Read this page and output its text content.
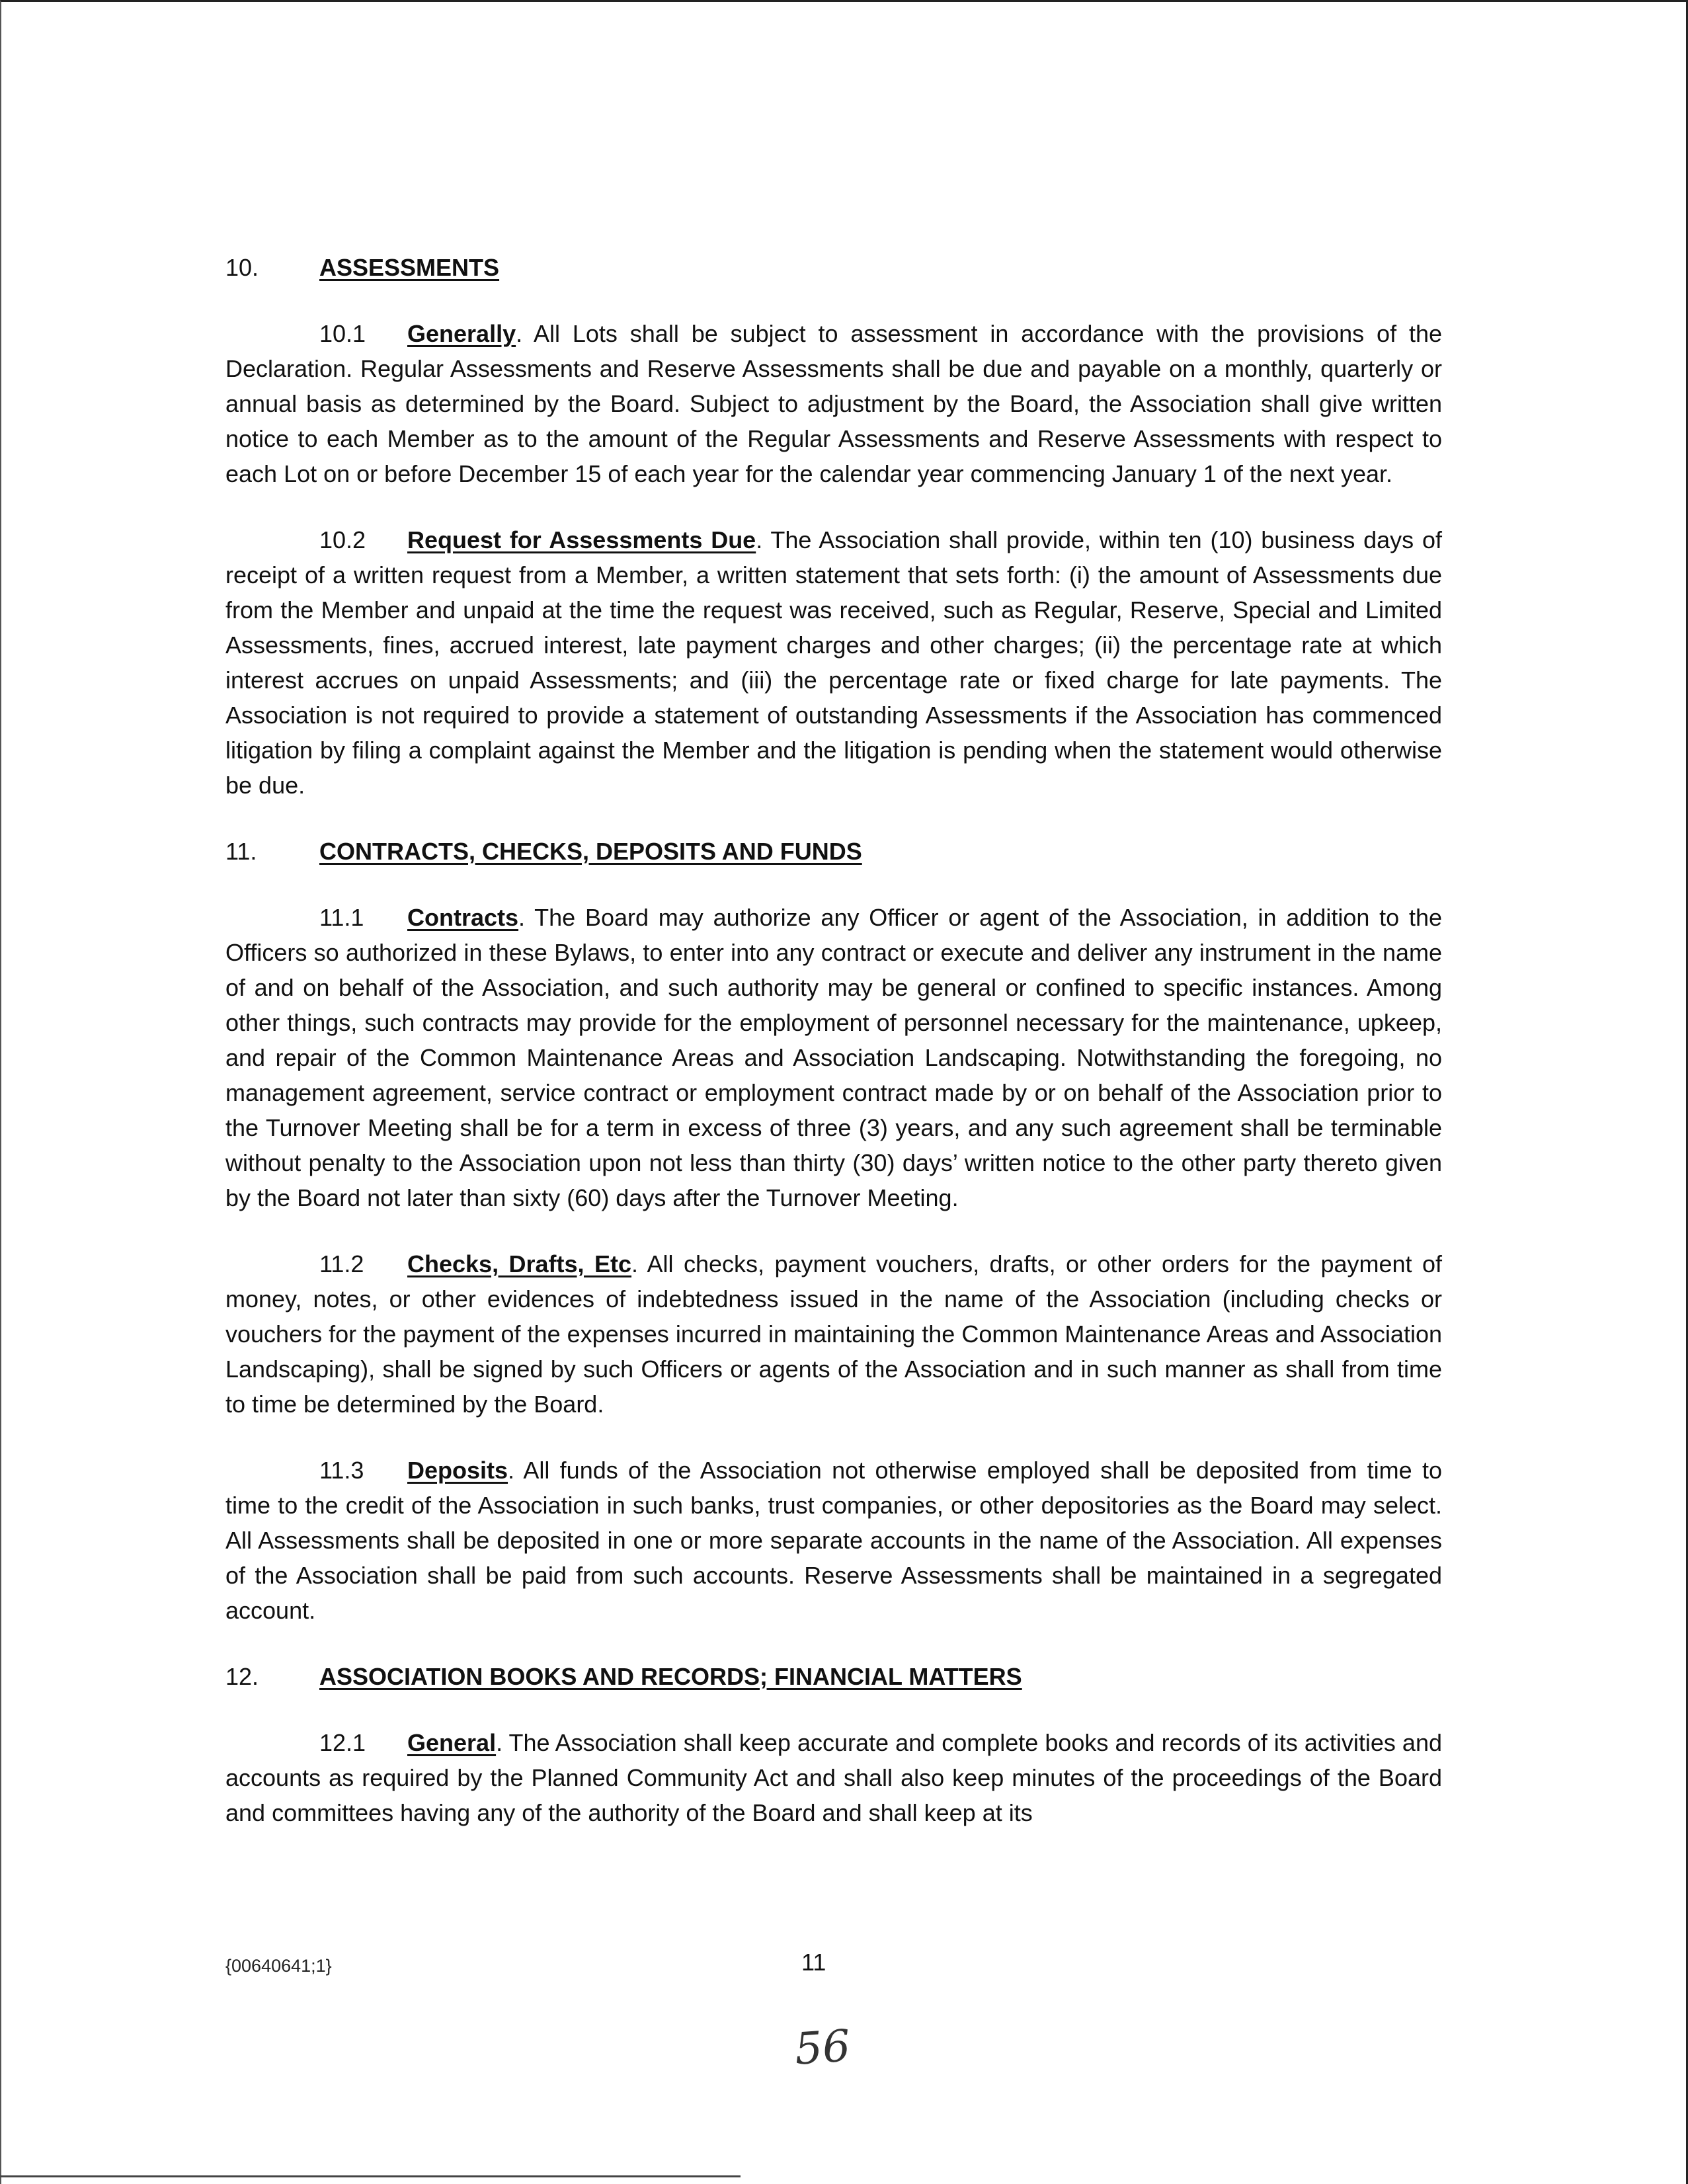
10.	ASSESSMENTS

10.1 Generally. All Lots shall be subject to assessment in accordance with the provisions of the Declaration. Regular Assessments and Reserve Assessments shall be due and payable on a monthly, quarterly or annual basis as determined by the Board. Subject to adjustment by the Board, the Association shall give written notice to each Member as to the amount of the Regular Assessments and Reserve Assessments with respect to each Lot on or before December 15 of each year for the calendar year commencing January 1 of the next year.

10.2 Request for Assessments Due. The Association shall provide, within ten (10) business days of receipt of a written request from a Member, a written statement that sets forth: (i) the amount of Assessments due from the Member and unpaid at the time the request was received, such as Regular, Reserve, Special and Limited Assessments, fines, accrued interest, late payment charges and other charges; (ii) the percentage rate at which interest accrues on unpaid Assessments; and (iii) the percentage rate or fixed charge for late payments. The Association is not required to provide a statement of outstanding Assessments if the Association has commenced litigation by filing a complaint against the Member and the litigation is pending when the statement would otherwise be due.

11.	CONTRACTS, CHECKS, DEPOSITS AND FUNDS

11.1 Contracts. The Board may authorize any Officer or agent of the Association, in addition to the Officers so authorized in these Bylaws, to enter into any contract or execute and deliver any instrument in the name of and on behalf of the Association, and such authority may be general or confined to specific instances. Among other things, such contracts may provide for the employment of personnel necessary for the maintenance, upkeep, and repair of the Common Maintenance Areas and Association Landscaping. Notwithstanding the foregoing, no management agreement, service contract or employment contract made by or on behalf of the Association prior to the Turnover Meeting shall be for a term in excess of three (3) years, and any such agreement shall be terminable without penalty to the Association upon not less than thirty (30) days’ written notice to the other party thereto given by the Board not later than sixty (60) days after the Turnover Meeting.

11.2 Checks, Drafts, Etc. All checks, payment vouchers, drafts, or other orders for the payment of money, notes, or other evidences of indebtedness issued in the name of the Association (including checks or vouchers for the payment of the expenses incurred in maintaining the Common Maintenance Areas and Association Landscaping), shall be signed by such Officers or agents of the Association and in such manner as shall from time to time be determined by the Board.

11.3 Deposits. All funds of the Association not otherwise employed shall be deposited from time to time to the credit of the Association in such banks, trust companies, or other depositories as the Board may select. All Assessments shall be deposited in one or more separate accounts in the name of the Association. All expenses of the Association shall be paid from such accounts. Reserve Assessments shall be maintained in a segregated account.

12.	ASSOCIATION BOOKS AND RECORDS; FINANCIAL MATTERS

12.1 General. The Association shall keep accurate and complete books and records of its activities and accounts as required by the Planned Community Act and shall also keep minutes of the proceedings of the Board and committees having any of the authority of the Board and shall keep at its

{00640641;1}	11
56
